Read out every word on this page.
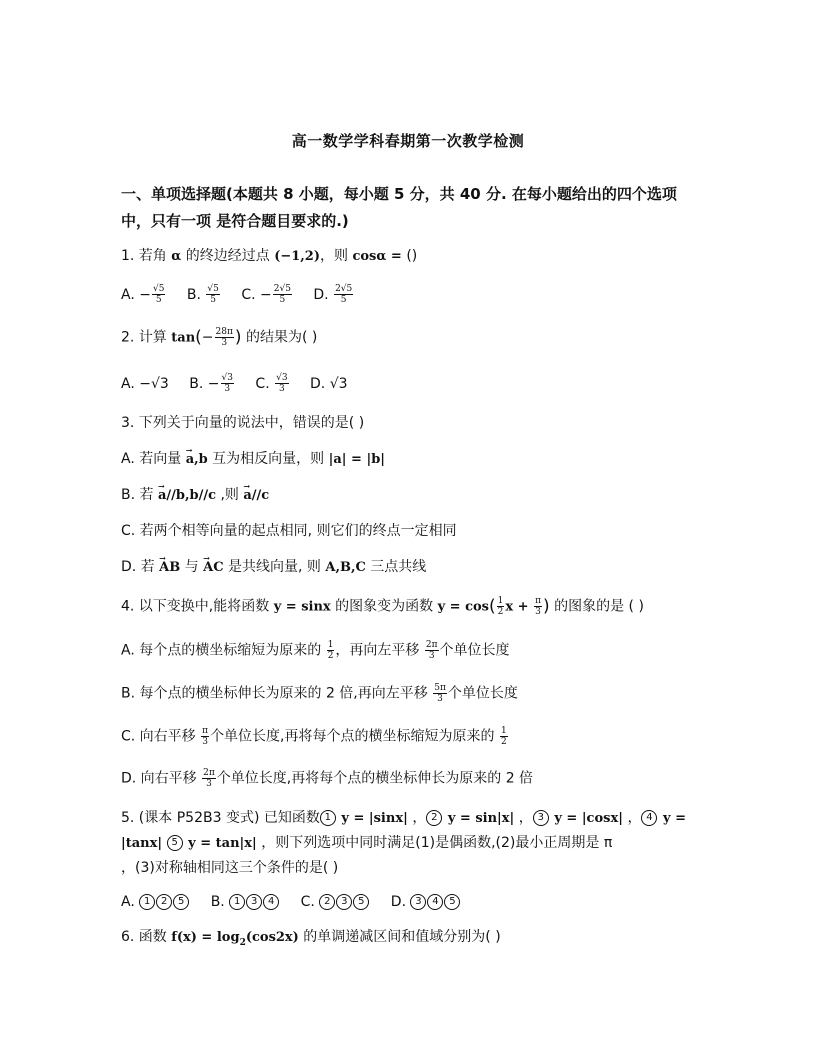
高一数学学科春期第一次教学检测
一、单项选择题(本题共 8 小题，每小题 5 分，共 40 分. 在每小题给出的四个选项
中，只有一项 是符合题目要求的.)
1. 若角 α 的终边经过点 (−1,2)，则 cosα = ()
A. − $\frac{√5}{5} B$. $\frac{√5}{5} C$. − $\frac{2√5}{5} D$. $\frac{2√5}{5}$
2. 计算 $\tan(- \frac{28\pi}{3}$ ) 的结果为( )
A. −√3 B. − $\frac{√3}{3} C$. $\frac{√3}{3} D$. √3
3. 下列关于向量的说法中，错误的是( )
A. 若向量 → a,b 互为相反向量，则 |a| = |b|
B. 若 → a//b,b//c ,则 → a//c
C. 若两个相等向量的起点相同, 则它们的终点一定相同
D. 若 → AB 与 → AC 是共线向量, 则 A,B,C 三点共线
4. 以下变换中,能将函数 y = sinx 的图象变为函数 $y = \cos( \frac{1}{2}$ $x + \frac{\pi}{3}$ ) 的图象的是 ( )
A. 每个点的横坐标缩短为原来的 $\frac{1}{2}$ ，再向左平移 $\frac{2\pi}{3}$ 个单位长度
B. 每个点的横坐标伸长为原来的 2 倍,再向左平移 $\frac{5\pi}{3}$ 个单位长度
C. 向右平移 $\frac{\pi}{3}$ 个单位长度,再将每个点的横坐标缩短为原来的 $\frac{1}{2}$
D. 向右平移 $\frac{2\pi}{3}$ 个单位长度,再将每个点的横坐标伸长为原来的 2 倍
5. (课本 P52B3 变式) 已知函数 1 y = |sinx| ， 2 y = sin|x| ， 3 y = |cosx| ， 4 y =
|tanx| 5 y = tan|x| ，则下列选项中同时满足(1)是偶函数,(2)最小正周期是 π
，(3)对称轴相同这三个条件的是( )
A. 1 2 5 B. 1 3 4 C. 2 3 5 D. 3 4 5
6. 函数 $f(x) = \log_2(\cos 2x)$ 的单调递减区间和值域分别为( )
